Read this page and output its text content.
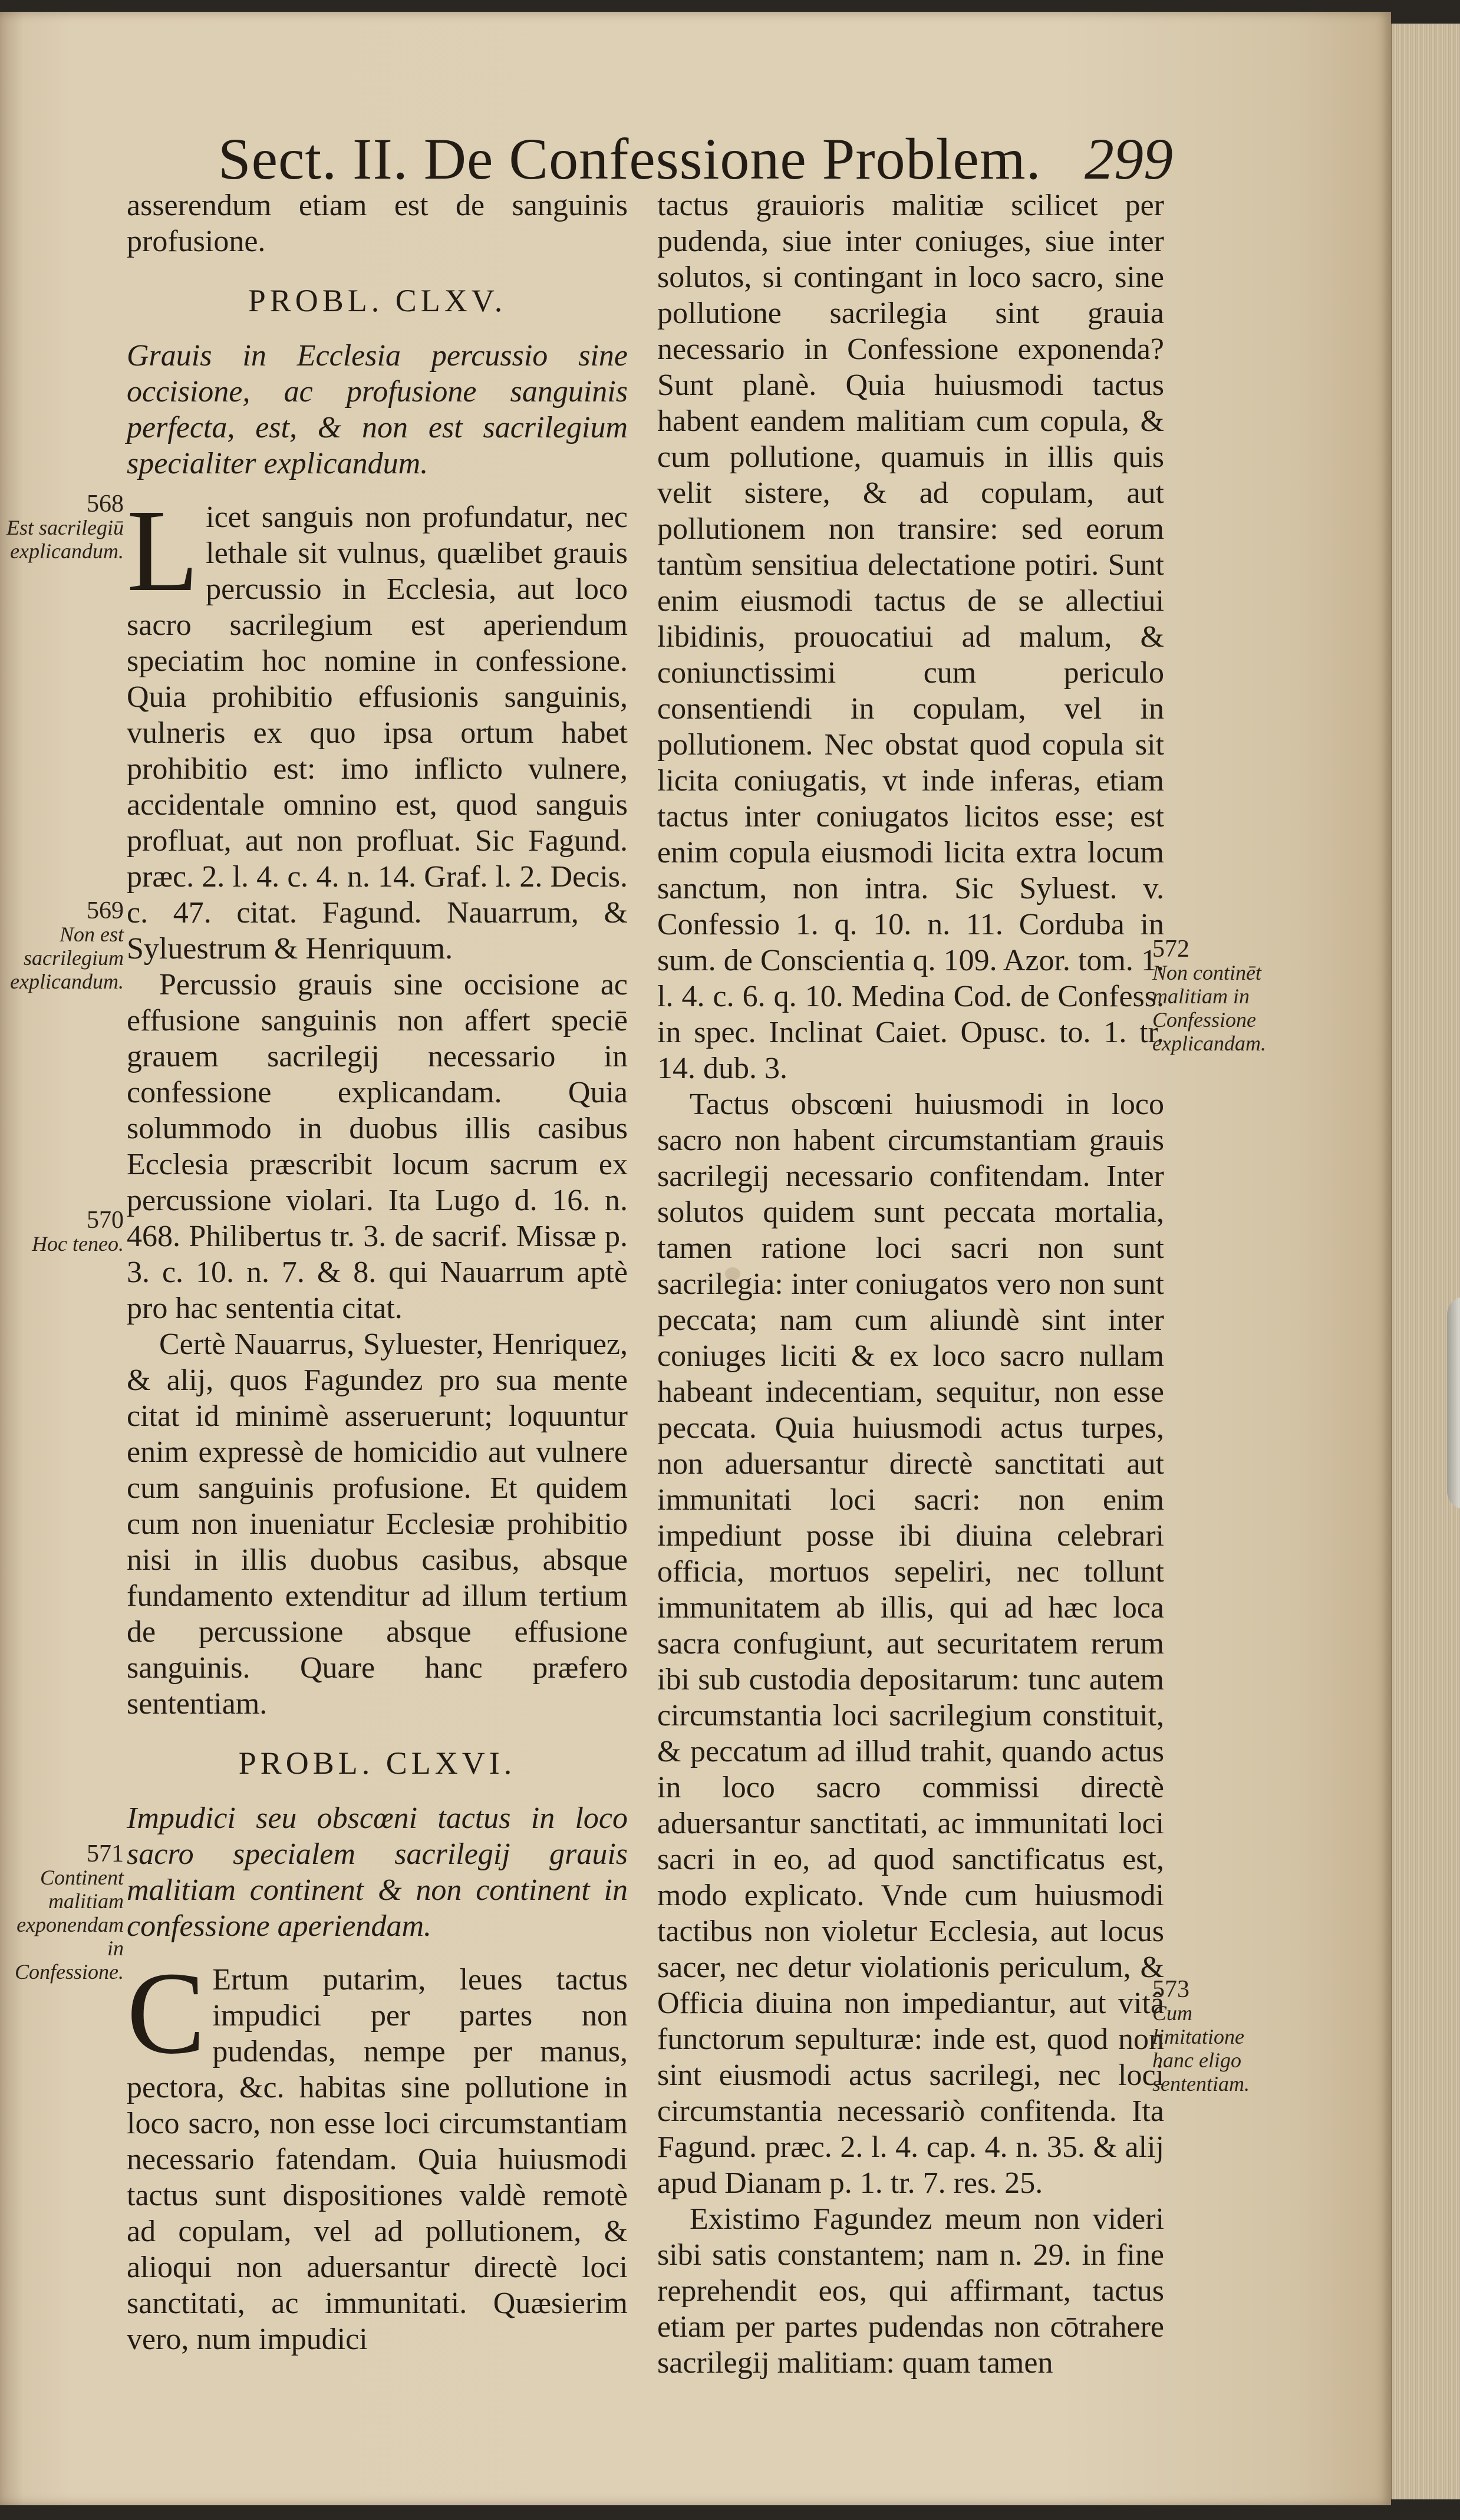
Sect. II. De Confessione Problem. 299

asserendum etiam est de sanguinis profusione.

PROBL. CLXV.

Grauis in Ecclesia percussio sine occisione, ac profusione sanguinis perfecta, est, & non est sacrilegium specialiter explicandum.

L icet sanguis non profundatur, nec lethale sit vulnus, quælibet grauis percussio in Ecclesia, aut loco sacro sacrilegium est aperiendum speciatim hoc nomine in confessione. Quia prohibitio effusionis sanguinis, vulneris ex quo ipsa ortum habet prohibitio est: imo inflicto vulnere, accidentale omnino est, quod sanguis profluat, aut non profluat. Sic Fagund. præc. 2. l. 4. c. 4. n. 14. Graf. l. 2. Decis. c. 47. citat. Fagund. Nauarrum, & Syluestrum & Henriquum.

Percussio grauis sine occisione ac effusione sanguinis non affert speciē grauem sacrilegij necessario in confessione explicandam. Quia solummodo in duobus illis casibus Ecclesia præscribit locum sacrum ex percussione violari. Ita Lugo d. 16. n. 468. Philibertus tr. 3. de sacrif. Missæ p. 3. c. 10. n. 7. & 8. qui Nauarrum aptè pro hac sententia citat.

Certè Nauarrus, Syluester, Henriquez, & alij, quos Fagundez pro sua mente citat id minimè asseruerunt; loquuntur enim expressè de homicidio aut vulnere cum sanguinis profusione. Et quidem cum non inueniatur Ecclesiæ prohibitio nisi in illis duobus casibus, absque fundamento extenditur ad illum tertium de percussione absque effusione sanguinis. Quare hanc præfero sententiam.

PROBL. CLXVI.

Impudici seu obscœni tactus in loco sacro specialem sacrilegij grauis malitiam continent & non continent in confessione aperiendam.

C Ertum putarim, leues tactus impudici per partes non pudendas, nempe per manus, pectora, &c. habitas sine pollutione in loco sacro, non esse loci circumstantiam necessario fatendam. Quia huiusmodi tactus sunt dispositiones valdè remotè ad copulam, vel ad pollutionem, & alioqui non aduersantur directè loci sanctitati, ac immunitati. Quæsierim vero, num impudici

tactus grauioris malitiæ scilicet per pudenda, siue inter coniuges, siue inter solutos, si contingant in loco sacro, sine pollutione sacrilegia sint grauia necessario in Confessione exponenda? Sunt planè. Quia huiusmodi tactus habent eandem malitiam cum copula, & cum pollutione, quamuis in illis quis velit sistere, & ad copulam, aut pollutionem non transire: sed eorum tantùm sensitiua delectatione potiri. Sunt enim eiusmodi tactus de se allectiui libidinis, prouocatiui ad malum, & coniunctissimi cum periculo consentiendi in copulam, vel in pollutionem. Nec obstat quod copula sit licita coniugatis, vt inde inferas, etiam tactus inter coniugatos licitos esse; est enim copula eiusmodi licita extra locum sanctum, non intra. Sic Syluest. v. Confessio 1. q. 10. n. 11. Corduba in sum. de Conscientia q. 109. Azor. tom. 1. l. 4. c. 6. q. 10. Medina Cod. de Confess. in spec. Inclinat Caiet. Opusc. to. 1. tr. 14. dub. 3.

Tactus obscœni huiusmodi in loco sacro non habent circumstantiam grauis sacrilegij necessario confitendam. Inter solutos quidem sunt peccata mortalia, tamen ratione loci sacri non sunt sacrilegia: inter coniugatos vero non sunt peccata; nam cum aliundè sint inter coniuges liciti & ex loco sacro nullam habeant indecentiam, sequitur, non esse peccata. Quia huiusmodi actus turpes, non aduersantur directè sanctitati aut immunitati loci sacri: non enim impediunt posse ibi diuina celebrari officia, mortuos sepeliri, nec tollunt immunitatem ab illis, qui ad hæc loca sacra confugiunt, aut securitatem rerum ibi sub custodia depositarum: tunc autem circumstantia loci sacrilegium constituit, & peccatum ad illud trahit, quando actus in loco sacro commissi directè aduersantur sanctitati, ac immunitati loci sacri in eo, ad quod sanctificatus est, modo explicato. Vnde cum huiusmodi tactibus non violetur Ecclesia, aut locus sacer, nec detur violationis periculum, & Officia diuina non impediantur, aut vitâ functorum sepulturæ: inde est, quod non sint eiusmodi actus sacrilegi, nec loci circumstantia necessariò confitenda. Ita Fagund. præc. 2. l. 4. cap. 4. n. 35. & alij apud Dianam p. 1. tr. 7. res. 25.

Existimo Fagundez meum non videri sibi satis constantem; nam n. 29. in fine reprehendit eos, qui affirmant, tactus etiam per partes pudendas non cōtrahere sacrilegij malitiam: quam tamen

568
Est sacrilegiū explicandum.
569
Non est sacrilegium explicandum.
570
Hoc teneo.
571
Continent malitiam exponendam in Confessione.
572
Non continēt malitiam in Confessione explicandam.
573
Cum limitatione hanc eligo sententiam.
